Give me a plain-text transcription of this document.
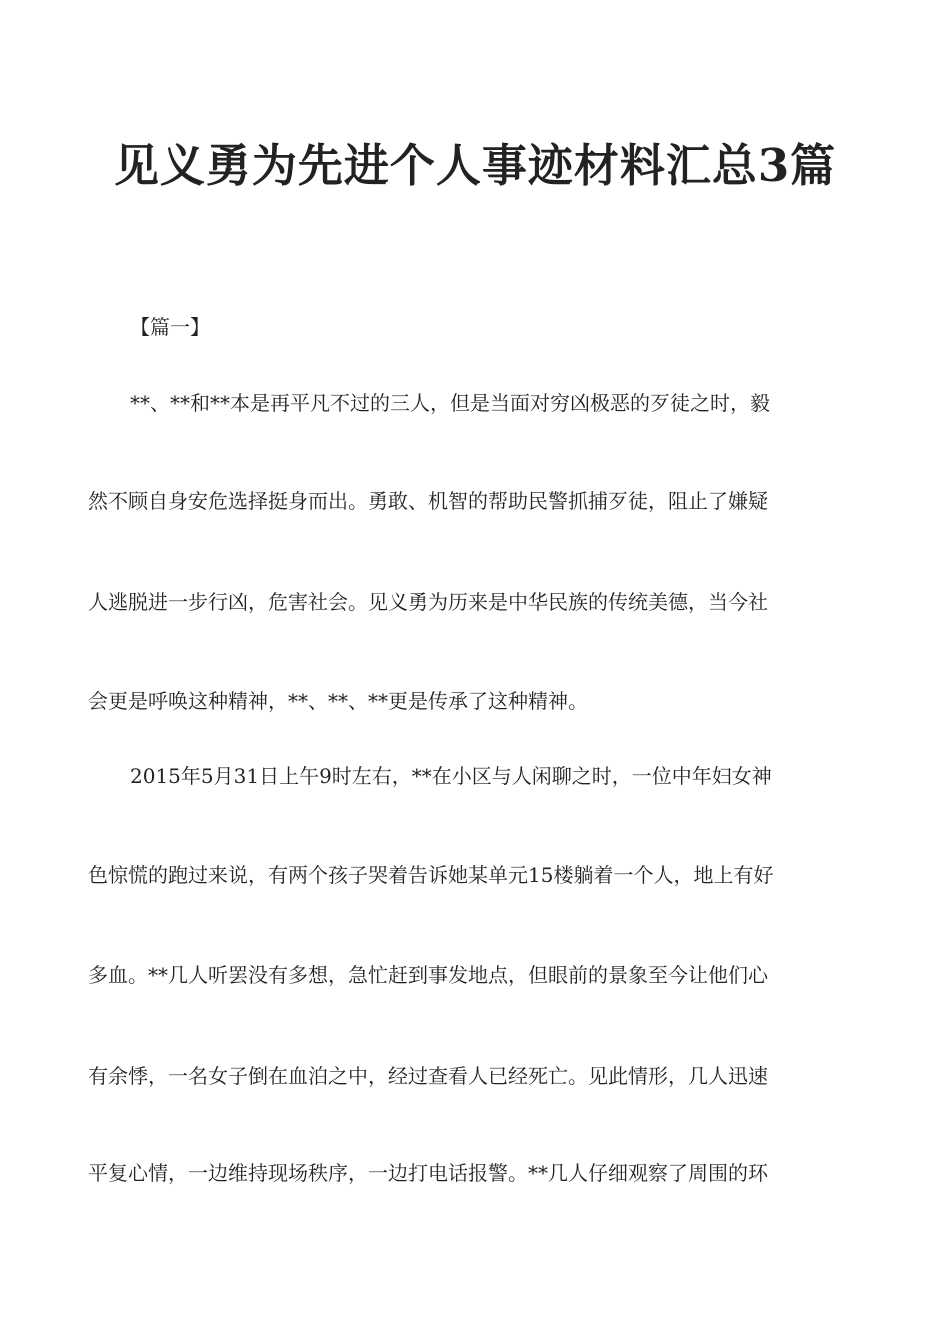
见义勇为先进个人事迹材料汇总3篇

【篇一】

**、**和**本是再平凡不过的三人，但是当面对穷凶极恶的歹徒之时，毅

然不顾自身安危选择挺身而出。勇敢、机智的帮助民警抓捕歹徒，阻止了嫌疑

人逃脱进一步行凶，危害社会。见义勇为历来是中华民族的传统美德，当今社

会更是呼唤这种精神，**、**、**更是传承了这种精神。

2015年5月31日上午9时左右，**在小区与人闲聊之时，一位中年妇女神

色惊慌的跑过来说，有两个孩子哭着告诉她某单元15楼躺着一个人，地上有好

多血。**几人听罢没有多想，急忙赶到事发地点，但眼前的景象至今让他们心

有余悸，一名女子倒在血泊之中，经过查看人已经死亡。见此情形，几人迅速

平复心情，一边维持现场秩序，一边打电话报警。**几人仔细观察了周围的环
